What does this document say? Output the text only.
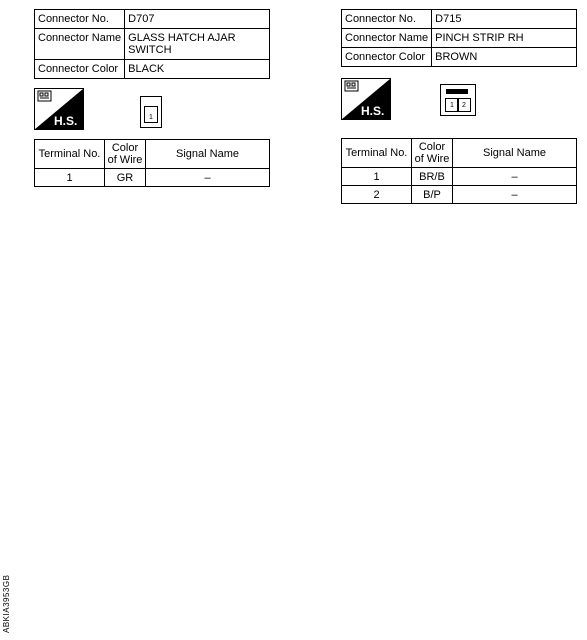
Connector No.	D707
Connector Name	GLASS HATCH AJAR SWITCH
Connector Color	BLACK
H.S.	1
Terminal No.	Color of Wire	Signal Name
1	GR	–
Connector No.	D715
Connector Name	PINCH STRIP RH
Connector Color	BROWN
H.S.	1	2
Terminal No.	Color of Wire	Signal Name
1	BR/B	–
2	B/P	–
ABKIA3953GB
